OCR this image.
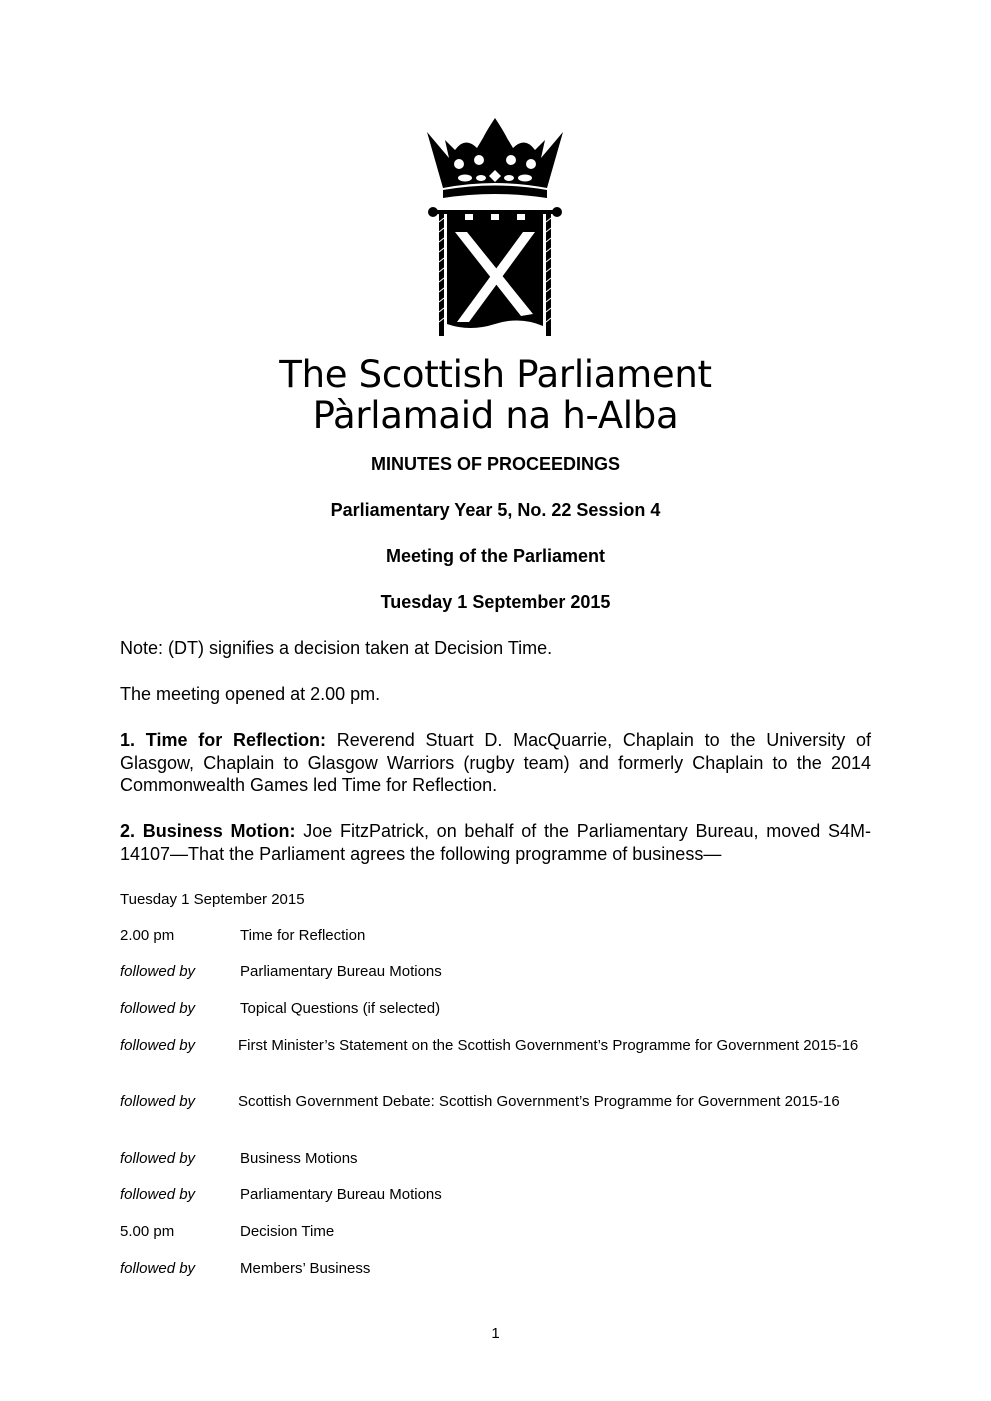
The Scottish Parliament
Pàrlamaid na h-Alba
MINUTES OF PROCEEDINGS
Parliamentary Year 5, No. 22 Session 4
Meeting of the Parliament
Tuesday 1 September 2015
Note: (DT) signifies a decision taken at Decision Time.
The meeting opened at 2.00 pm.
1. Time for Reflection: Reverend Stuart D. MacQuarrie, Chaplain to the University of Glasgow, Chaplain to Glasgow Warriors (rugby team) and formerly Chaplain to the 2014 Commonwealth Games led Time for Reflection.
2. Business Motion: Joe FitzPatrick, on behalf of the Parliamentary Bureau, moved S4M-14107—That the Parliament agrees the following programme of business—
Tuesday 1 September 2015
2.00 pm	Time for Reflection
followed by	Parliamentary Bureau Motions
followed by	Topical Questions (if selected)
followed by	First Minister’s Statement on the Scottish Government’s Programme for Government 2015-16
followed by	Scottish Government Debate: Scottish Government’s Programme for Government 2015-16
followed by	Business Motions
followed by	Parliamentary Bureau Motions
5.00 pm	Decision Time
followed by	Members’ Business
1
